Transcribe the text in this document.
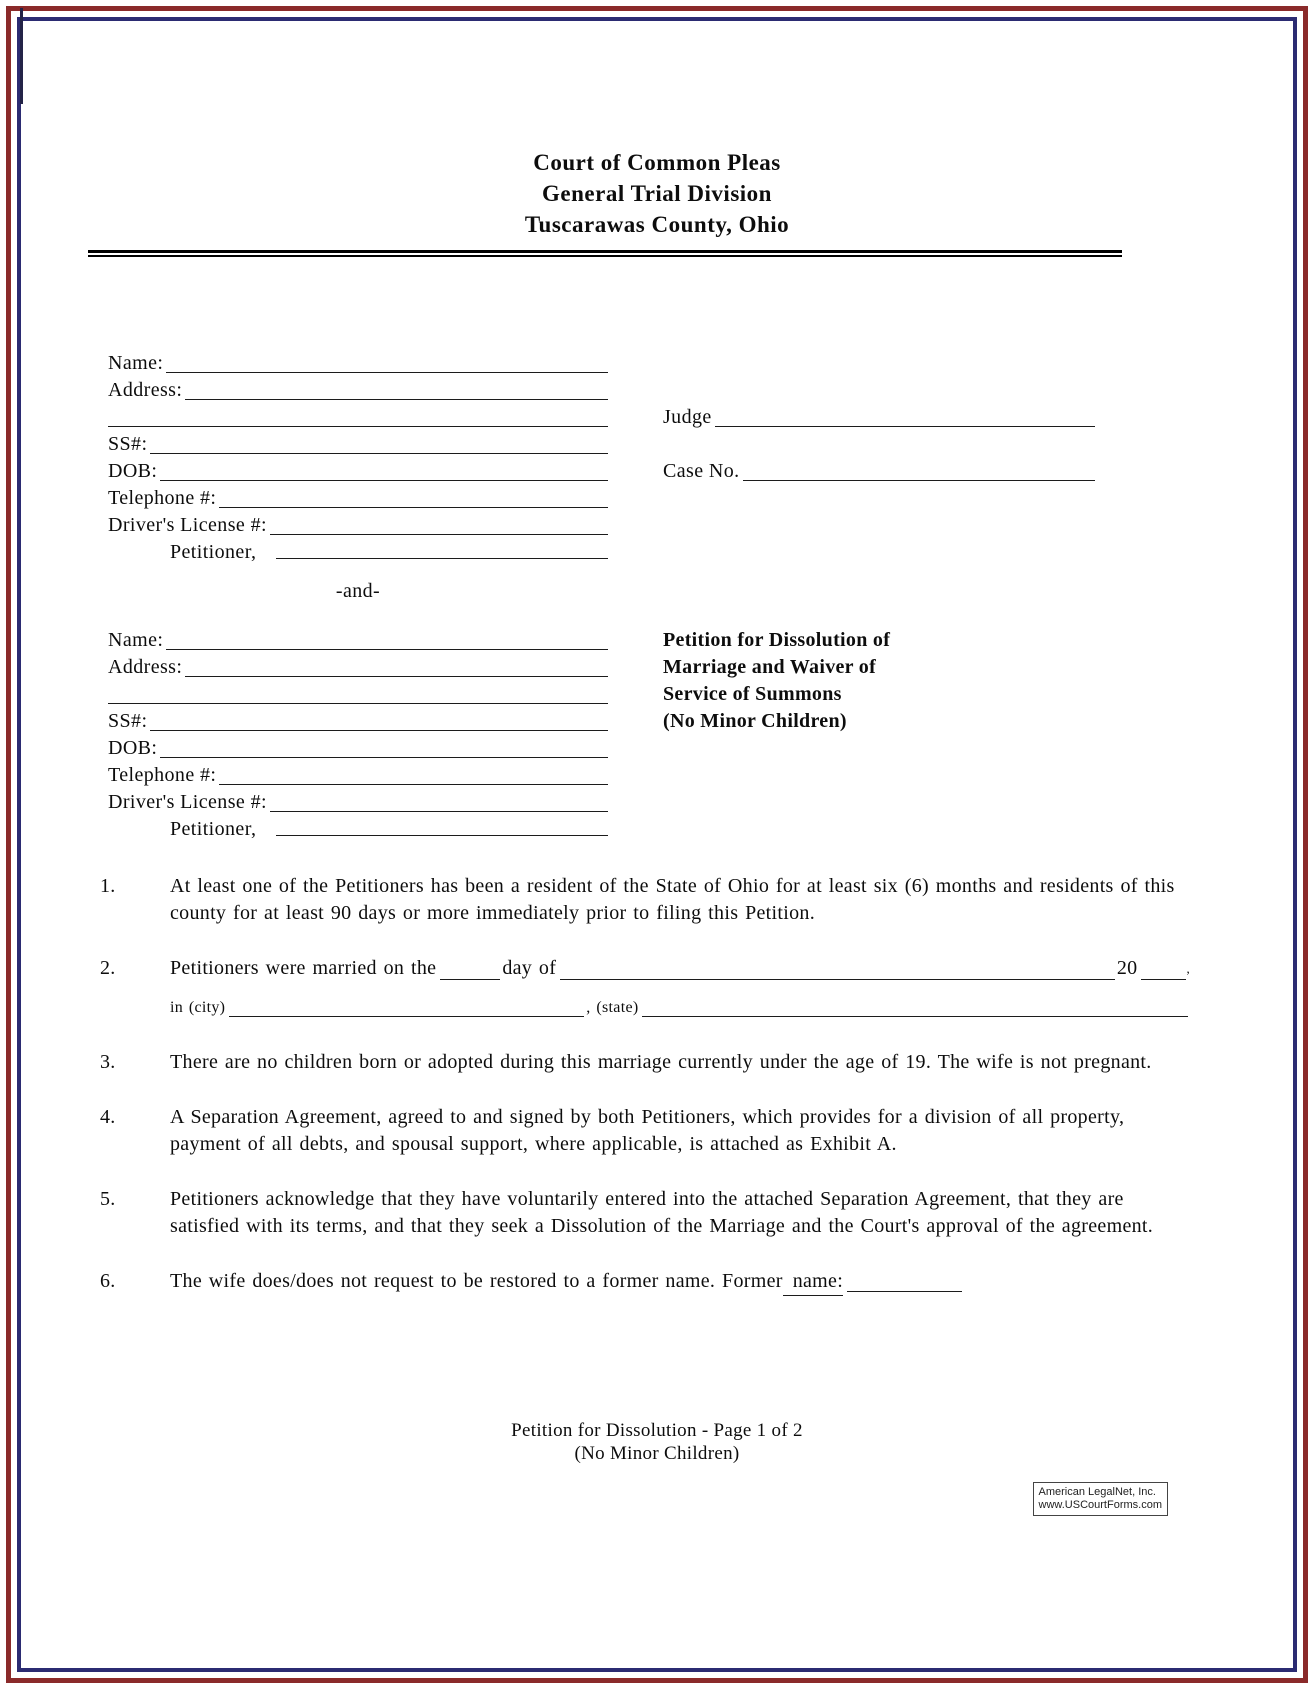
Court of Common Pleas
General Trial Division
Tuscarawas County, Ohio
Name:
Address:
Judge
SS#:
DOB:	Case No.
Telephone #:
Driver's License #:
Petitioner,
-and-
Name:	Petition for Dissolution of
Address:	Marriage and Waiver of
Service of Summons
SS#:	(No Minor Children)
DOB:
Telephone #:
Driver's License #:
Petitioner,
1.	At least one of the Petitioners has been a resident of the State of Ohio for at least six (6) months and residents of this county for at least 90 days or more immediately prior to filing this Petition.
2.	Petitioners were married on the	day of	20	,
in (city)	, (state)
3.	There are no children born or adopted during this marriage currently under the age of 19. The wife is not pregnant.
4.	A Separation Agreement, agreed to and signed by both Petitioners, which provides for a division of all property, payment of all debts, and spousal support, where applicable, is attached as Exhibit A.
5.	Petitioners acknowledge that they have voluntarily entered into the attached Separation Agreement, that they are satisfied with its terms, and that they seek a Dissolution of the Marriage and the Court's approval of the agreement.
6.	The wife does/does not request to be restored to a former name. Former name:
Petition for Dissolution - Page 1 of 2
(No Minor Children)
American LegalNet, Inc.
www.USCourtForms.com
